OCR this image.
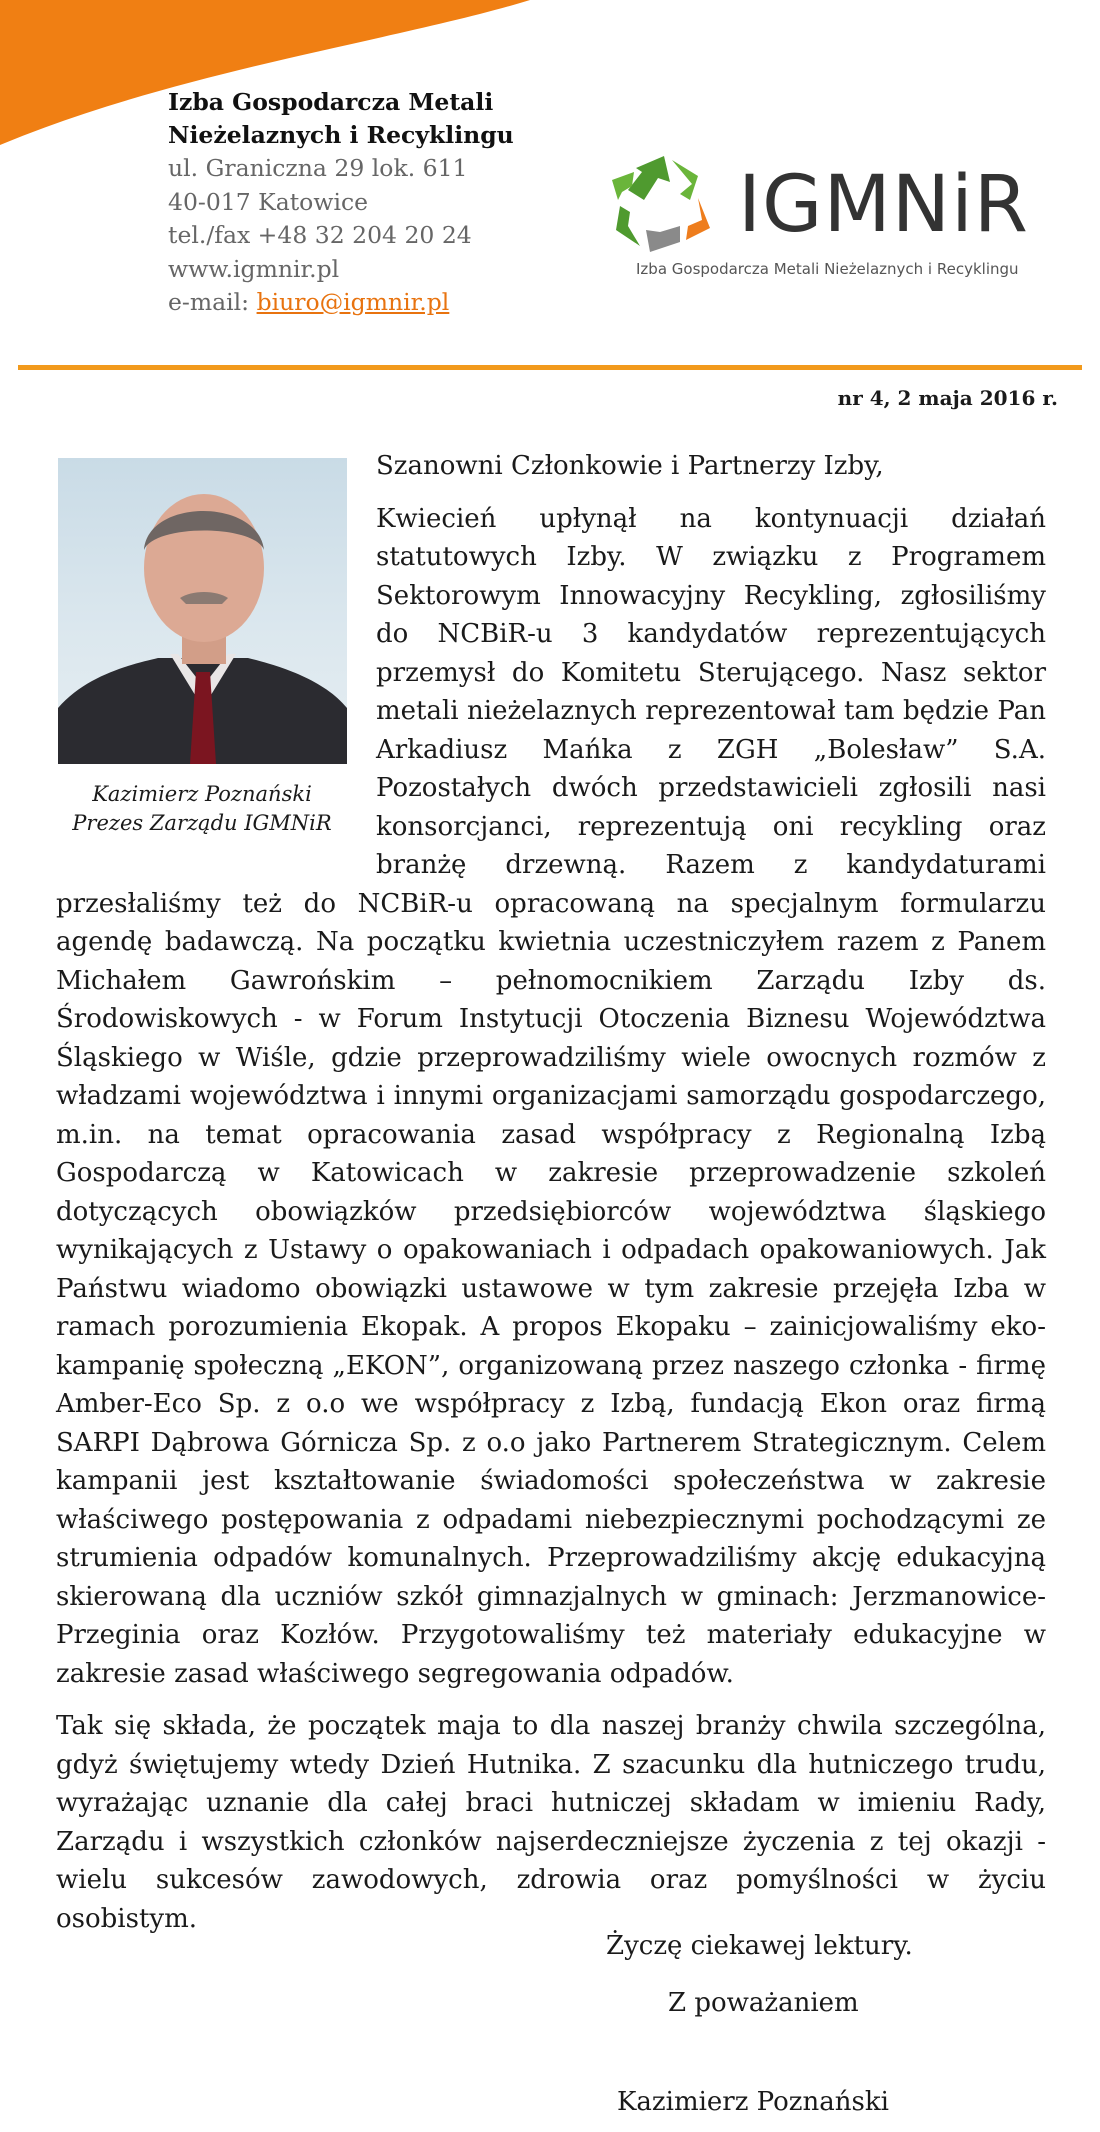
Izba Gospodarcza Metali
Nieżelaznych i Recyklingu
ul. Graniczna 29 lok. 611
40-017 Katowice
tel./fax +48 32 204 20 24
www.igmnir.pl
e-mail: biuro@igmnir.pl
IGMNiR
Izba Gospodarcza Metali Nieżelaznych i Recyklingu
nr 4, 2 maja 2016 r.
Kazimierz Poznański
Prezes Zarządu IGMNiR

Szanowni Członkowie i Partnerzy Izby,

Kwiecień upłynął na kontynuacji działań statutowych Izby. W związku z Programem Sektorowym Innowacyjny Recykling, zgłosiliśmy do NCBiR-u 3 kandydatów reprezentujących przemysł do Komitetu Sterującego. Nasz sektor metali nieżelaznych reprezentował tam będzie Pan Arkadiusz Mańka z ZGH „Bolesław” S.A. Pozostałych dwóch przedstawicieli zgłosili nasi konsorcjanci, reprezentują oni recykling oraz branżę drzewną. Razem z kandydaturami przesłaliśmy też do NCBiR-u opracowaną na specjalnym formularzu agendę badawczą. Na początku kwietnia uczestniczyłem razem z Panem Michałem Gawrońskim – pełnomocnikiem Zarządu Izby ds. Środowiskowych - w Forum Instytucji Otoczenia Biznesu Województwa Śląskiego w Wiśle, gdzie przeprowadziliśmy wiele owocnych rozmów z władzami województwa i innymi organizacjami samorządu gospodarczego, m.in. na temat opracowania zasad współpracy z Regionalną Izbą Gospodarczą w Katowicach w zakresie przeprowadzenie szkoleń dotyczących obowiązków przedsiębiorców województwa śląskiego wynikających z Ustawy o opakowaniach i odpadach opakowaniowych. Jak Państwu wiadomo obowiązki ustawowe w tym zakresie przejęła Izba w ramach porozumienia Ekopak. A propos Ekopaku – zainicjowaliśmy eko-kampanię społeczną „EKON”, organizowaną przez naszego członka - firmę Amber-Eco Sp. z o.o we współpracy z Izbą, fundacją Ekon oraz firmą SARPI Dąbrowa Górnicza Sp. z o.o jako Partnerem Strategicznym. Celem kampanii jest kształtowanie świadomości społeczeństwa w zakresie właściwego postępowania z odpadami niebezpiecznymi pochodzącymi ze strumienia odpadów komunalnych. Przeprowadziliśmy akcję edukacyjną skierowaną dla uczniów szkół gimnazjalnych w gminach: Jerzmanowice-Przeginia oraz Kozłów. Przygotowaliśmy też materiały edukacyjne w zakresie zasad właściwego segregowania odpadów.

Tak się składa, że początek maja to dla naszej branży chwila szczególna, gdyż świętujemy wtedy Dzień Hutnika. Z szacunku dla hutniczego trudu, wyrażając uznanie dla całej braci hutniczej składam w imieniu Rady, Zarządu i wszystkich członków najserdeczniejsze życzenia z tej okazji - wielu sukcesów zawodowych, zdrowia oraz pomyślności w życiu osobistym.

Życzę ciekawej lektury.
Z poważaniem
Kazimierz Poznański
